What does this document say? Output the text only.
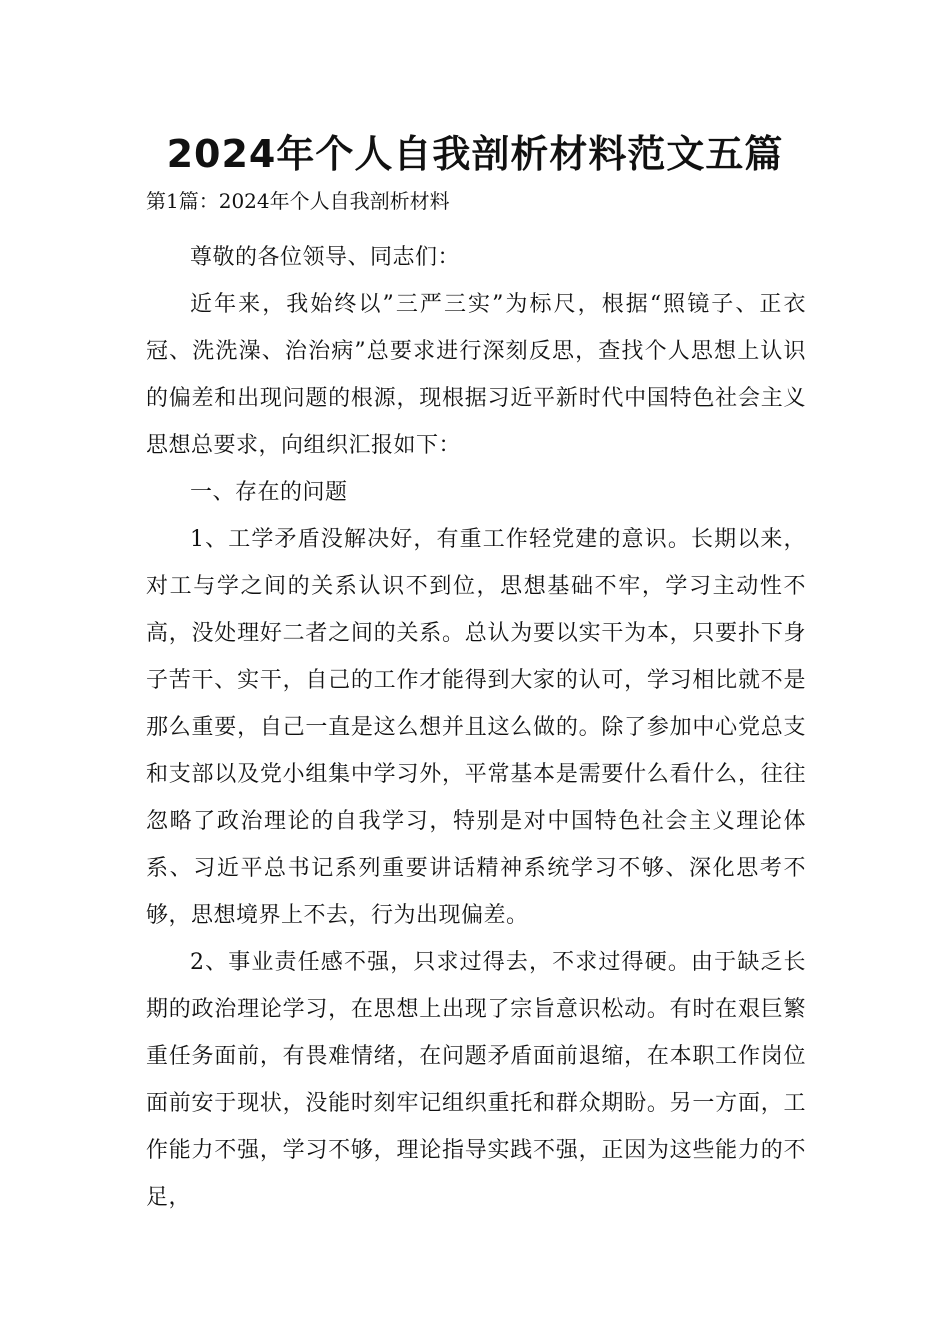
2024年个人自我剖析材料范文五篇

第1篇：2024年个人自我剖析材料

尊敬的各位领导、同志们：

近年来，我始终以”三严三实”为标尺，根据“照镜子、正衣冠、洗洗澡、治治病”总要求进行深刻反思，查找个人思想上认识的偏差和出现问题的根源，现根据习近平新时代中国特色社会主义思想总要求，向组织汇报如下：

一、存在的问题

1、工学矛盾没解决好，有重工作轻党建的意识。长期以来，对工与学之间的关系认识不到位，思想基础不牢，学习主动性不高，没处理好二者之间的关系。总认为要以实干为本，只要扑下身子苦干、实干，自己的工作才能得到大家的认可，学习相比就不是那么重要，自己一直是这么想并且这么做的。除了参加中心党总支和支部以及党小组集中学习外，平常基本是需要什么看什么，往往忽略了政治理论的自我学习，特别是对中国特色社会主义理论体系、习近平总书记系列重要讲话精神系统学习不够、深化思考不够，思想境界上不去，行为出现偏差。

2、事业责任感不强，只求过得去，不求过得硬。由于缺乏长期的政治理论学习，在思想上出现了宗旨意识松动。有时在艰巨繁重任务面前，有畏难情绪，在问题矛盾面前退缩，在本职工作岗位面前安于现状，没能时刻牢记组织重托和群众期盼。另一方面，工作能力不强，学习不够，理论指导实践不强，正因为这些能力的不足，
